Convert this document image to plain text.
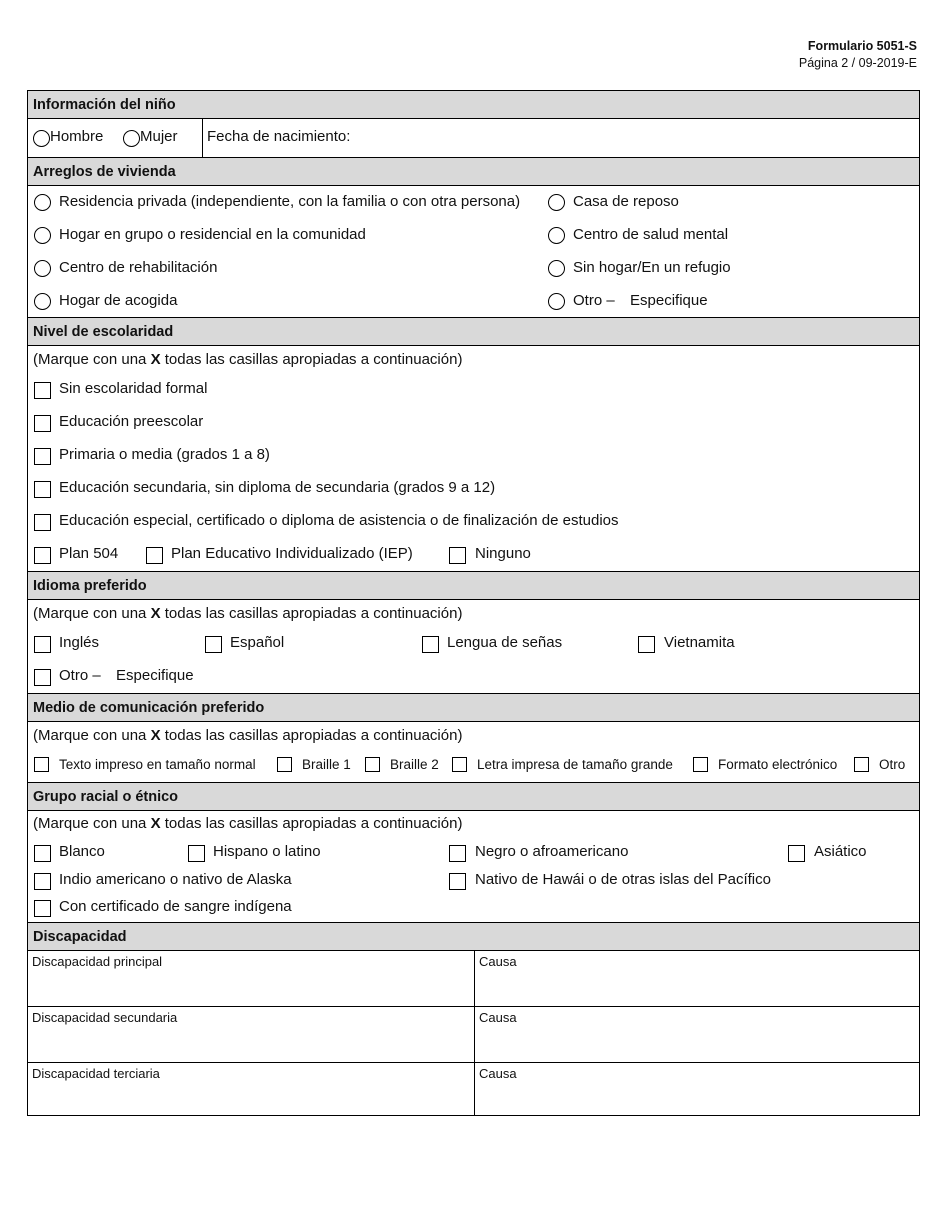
Formulario 5051-S
Página 2 / 09-2019-E
Información del niño
Hombre Mujer Fecha de nacimiento:
Arreglos de vivienda
Residencia privada (independiente, con la familia o con otra persona)	Casa de reposo
Hogar en grupo o residencial en la comunidad	Centro de salud mental
Centro de rehabilitación	Sin hogar/En un refugio
Hogar de acogida	Otro – Especifique
Nivel de escolaridad
(Marque con una X todas las casillas apropiadas a continuación)
Sin escolaridad formal
Educación preescolar
Primaria o media (grados 1 a 8)
Educación secundaria, sin diploma de secundaria (grados 9 a 12)
Educación especial, certificado o diploma de asistencia o de finalización de estudios
Plan 504	Plan Educativo Individualizado (IEP)	Ninguno
Idioma preferido
(Marque con una X todas las casillas apropiadas a continuación)
Inglés	Español	Lengua de señas	Vietnamita
Otro – Especifique
Medio de comunicación preferido
(Marque con una X todas las casillas apropiadas a continuación)
Texto impreso en tamaño normal	Braille 1	Braille 2	Letra impresa de tamaño grande	Formato electrónico	Otro
Grupo racial o étnico
(Marque con una X todas las casillas apropiadas a continuación)
Blanco	Hispano o latino	Negro o afroamericano	Asiático
Indio americano o nativo de Alaska	Nativo de Hawái o de otras islas del Pacífico
Con certificado de sangre indígena
Discapacidad
Discapacidad principal	Causa
Discapacidad secundaria	Causa
Discapacidad terciaria	Causa
